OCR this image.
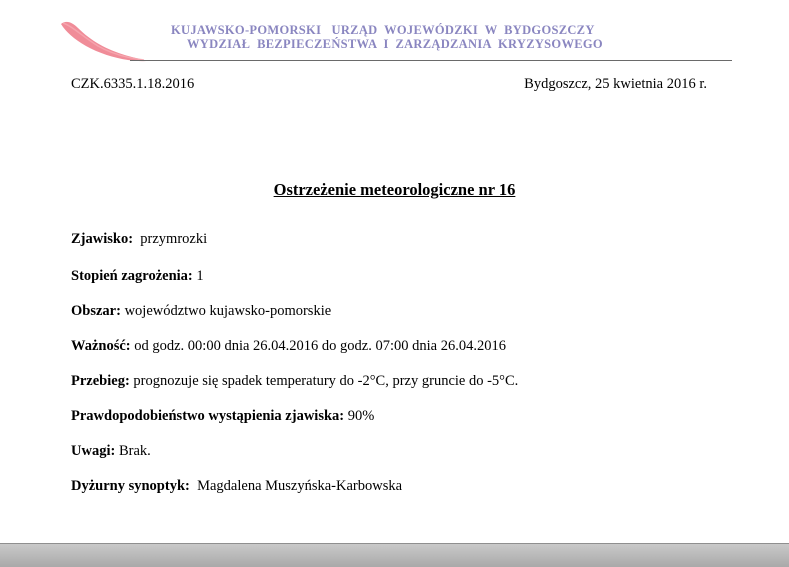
KUJAWSKO-POMORSKI   URZĄD  WOJEWÓDZKI  W  BYDGOSZCZY
WYDZIAŁ  BEZPIECZEŃSTWA  I  ZARZĄDZANIA  KRYZYSOWEGO
CZK.6335.1.18.2016	Bydgoszcz, 25 kwietnia 2016 r.
Ostrzeżenie meteorologiczne nr 16
Zjawisko:  przymrozki
Stopień zagrożenia: 1
Obszar: województwo kujawsko-pomorskie
Ważność: od godz. 00:00 dnia 26.04.2016 do godz. 07:00 dnia 26.04.2016
Przebieg: prognozuje się spadek temperatury do -2°C, przy gruncie do -5°C.
Prawdopodobieństwo wystąpienia zjawiska: 90%
Uwagi: Brak.
Dyżurny synoptyk:  Magdalena Muszyńska-Karbowska
